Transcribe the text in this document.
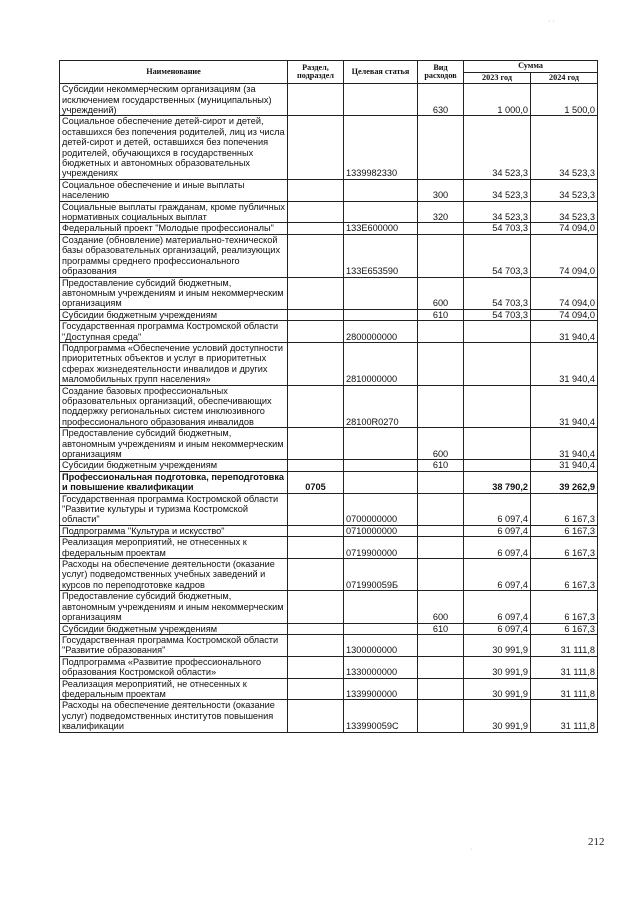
· ·
·
Наименование	Раздел, подраздел	Целевая статья	Вид расходов	Сумма	
				2023 год	2024 год
Субсидии некоммерческим организациям (за исключением государственных (муниципальных) учреждений)			630	1 000,0	1 500,0
Социальное обеспечение детей-сирот и детей, оставшихся без попечения родителей, лиц из числа детей-сирот и детей, оставшихся без попечения родителей, обучающихся в государственных бюджетных и автономных образовательных учреждениях		1339982330		34 523,3	34 523,3
Социальное обеспечение и иные выплаты населению			300	34 523,3	34 523,3
Социальные выплаты гражданам, кроме публичных нормативных социальных выплат			320	34 523,3	34 523,3
Федеральный проект "Молодые профессионалы"		133E600000		54 703,3	74 094,0
Создание (обновление) материально-технической базы образовательных организаций, реализующих программы среднего профессионального образования		133E653590		54 703,3	74 094,0
Предоставление субсидий бюджетным, автономным учреждениям и иным некоммерческим организациям			600	54 703,3	74 094,0
Субсидии бюджетным учреждениям			610	54 703,3	74 094,0
Государственная программа Костромской области "Доступная среда"		2800000000			31 940,4
Подпрограмма «Обеспечение условий доступности приоритетных объектов и услуг в приоритетных сферах жизнедеятельности инвалидов и других маломобильных групп населения»		2810000000			31 940,4
Создание базовых профессиональных образовательных организаций, обеспечивающих поддержку региональных систем инклюзивного профессионального образования инвалидов		28100R0270			31 940,4
Предоставление субсидий бюджетным, автономным учреждениям и иным некоммерческим организациям			600		31 940,4
Субсидии бюджетным учреждениям			610		31 940,4
Профессиональная подготовка, переподготовка и повышение квалификации	0705			38 790,2	39 262,9
Государственная программа Костромской области "Развитие культуры и туризма Костромской области"		0700000000		6 097,4	6 167,3
Подпрограмма "Культура и искусство"		0710000000		6 097,4	6 167,3
Реализация мероприятий, не отнесенных к федеральным проектам		0719900000		6 097,4	6 167,3
Расходы на обеспечение деятельности (оказание услуг) подведомственных учебных заведений и курсов по переподготовке кадров		071990059Б		6 097,4	6 167,3
Предоставление субсидий бюджетным, автономным учреждениям и иным некоммерческим организациям			600	6 097,4	6 167,3
Субсидии бюджетным учреждениям			610	6 097,4	6 167,3
Государственная программа Костромской области "Развитие образования"		1300000000		30 991,9	31 111,8
Подпрограмма «Развитие профессионального образования Костромской области»		1330000000		30 991,9	31 111,8
Реализация мероприятий, не отнесенных к федеральным проектам		1339900000		30 991,9	31 111,8
Расходы на обеспечение деятельности (оказание услуг) подведомственных институтов повышения квалификации		133990059С		30 991,9	31 111,8
212
